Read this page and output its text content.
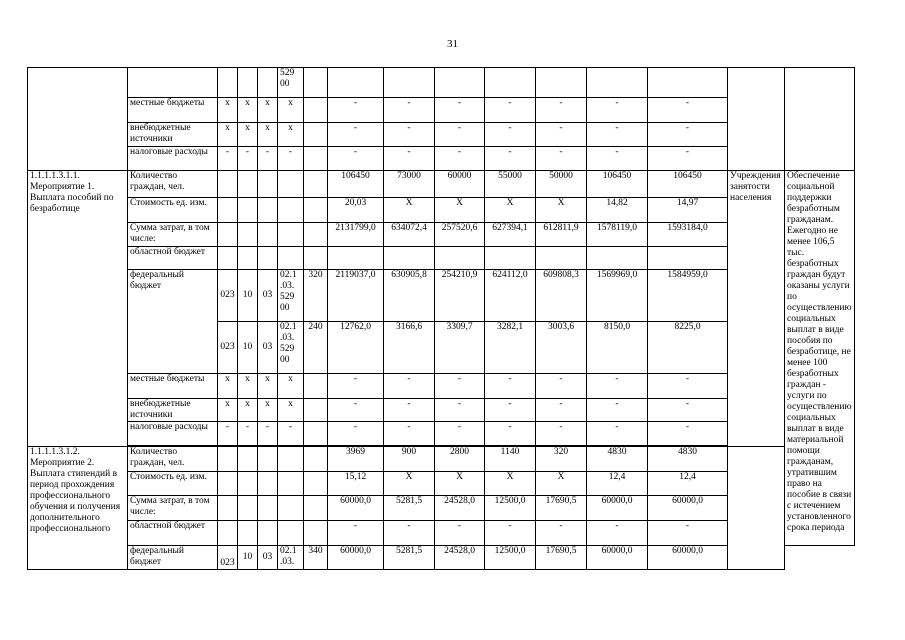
31
					529 00										
	местные бюджеты	х	х	х	х		-	-	-	-	-	-	-		
	внебюджетные источники	х	х	х	х		-	-	-	-	-	-	-		
	налоговые расходы	-	-	-	-		-	-	-	-	-	-	-		
1.1.1.1.3.1.1. Мероприятие 1. Выплата пособий по безработице	Количество граждан, чел.						106450	73000	60000	55000	50000	106450	106450	Учреждения занятости населения	Обеспечение социальной поддержки безработным гражданам. Ежегодно не менее 106,5 тыс. безработных граждан будут оказаны услуги по осуществлению социальных выплат в виде пособия по безработице, не менее 100 безработных граждан - услуги по осуществлению социальных выплат в виде материальной помощи гражданам, утратившим право на пособие в связи с истечением установленного срока периода
	Стоимость ед. изм.						20,03	Х	Х	Х	Х	14,82	14,97		
	Сумма затрат, в том числе:						2131799,0	634072,4	257520,6	627394,1	612811,9	1578119,0	1593184,0		
	областной бюджет														
	федеральный бюджет	023	10	03	02.1 .03. 529 00	320	2119037,0	630905,8	254210,9	624112,0	609808,3	1569969,0	1584959,0		
		023	10	03	02.1 .03. 529 00	240	12762,0	3166,6	3309,7	3282,1	3003,6	8150,0	8225,0		
	местные бюджеты	х	х	х	х		-	-	-	-	-	-	-		
	внебюджетные источники	х	х	х	х		-	-	-	-	-	-	-		
	налоговые расходы	-	-	-	-		-	-	-	-	-	-	-		

1.1.1.1.3.1.2. Мероприятие 2. Выплата стипендий в период прохождения профессионального обучения и получения дополнительного профессионального	Количество граждан, чел.						3969	900	2800	1140	320	4830	4830		
	Стоимость ед. изм.						15,12	Х	Х	Х	Х	12,4	12,4		
	Сумма затрат, в том числе:						60000,0	5281,5	24528,0	12500,0	17690,5	60000,0	60000,0		
	областной бюджет						-	-	-	-	-	-	-		
	федеральный бюджет	023	10	03	02.1 .03.	340	60000,0	5281,5	24528,0	12500,0	17690,5	60000,0	60000,0		
